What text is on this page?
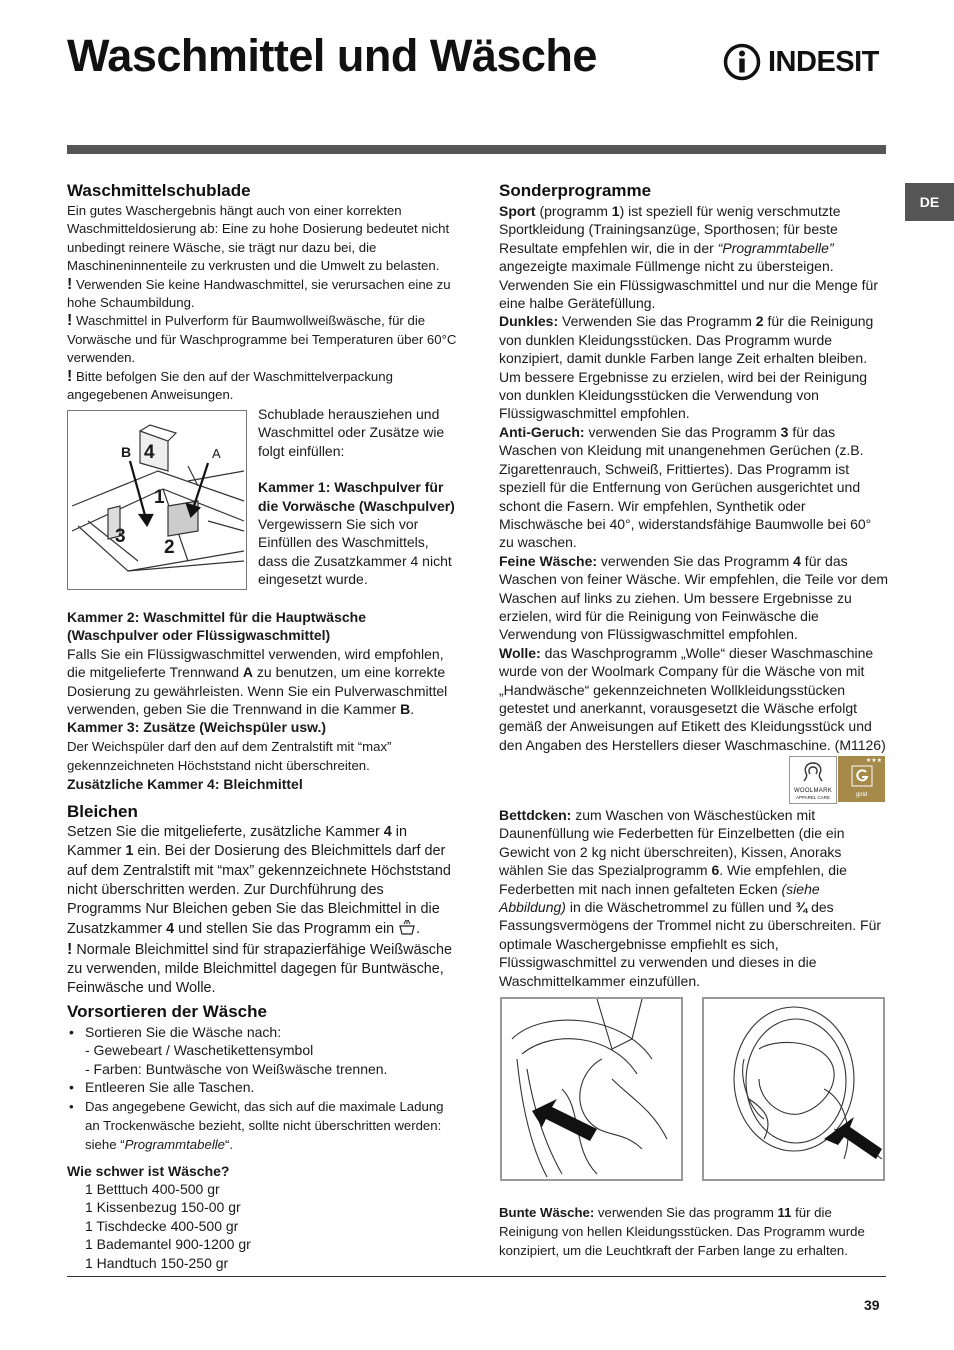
Waschmittel und Wäsche	INDESIT
DE

Waschmittelschublade

Ein gutes Waschergebnis hängt auch von einer korrekten Waschmitteldosierung ab: Eine zu hohe Dosierung bedeutet nicht unbedingt reinere Wäsche, sie trägt nur dazu bei, die Maschineninnenteile zu verkrusten und die Umwelt zu belasten.

! Verwenden Sie keine Handwaschmittel, sie verursachen eine zu hohe Schaumbildung.

! Waschmittel in Pulverform für Baumwollweißwäsche, für die Vorwäsche und für Waschprogramme bei Temperaturen über 60°C verwenden.

! Bitte befolgen Sie den auf der Waschmittelverpackung angegebenen Anweisungen.

B 4	A
1
3
2

Schublade herausziehen und Waschmittel oder Zusätze wie folgt einfüllen:

Kammer 1: Waschpulver für die Vorwäsche (Waschpulver)

Vergewissern Sie sich vor Einfüllen des Waschmittels, dass die Zusatzkammer 4 nicht eingesetzt wurde.

Kammer 2: Waschmittel für die Hauptwäsche (Waschpulver oder Flüssigwaschmittel)

Falls Sie ein Flüssigwaschmittel verwenden, wird empfohlen, die mitgelieferte Trennwand A zu benutzen, um eine korrekte Dosierung zu gewährleisten. Wenn Sie ein Pulverwaschmittel verwenden, geben Sie die Trennwand in die Kammer B.

Kammer 3: Zusätze (Weichspüler usw.)

Der Weichspüler darf den auf dem Zentralstift mit “max” gekennzeichneten Höchststand nicht überschreiten.

Zusätzliche Kammer 4: Bleichmittel

Bleichen

Setzen Sie die mitgelieferte, zusätzliche Kammer 4 in Kammer 1 ein. Bei der Dosierung des Bleichmittels darf der auf dem Zentralstift mit “max” gekennzeichnete Höchststand nicht überschritten werden. Zur Durchführung des Programms Nur Bleichen geben Sie das Bleichmittel in die Zusatzkammer 4 und stellen Sie das Programm ein .

! Normale Bleichmittel sind für strapazierfähige Weißwäsche zu verwenden, milde Bleichmittel dagegen für Buntwäsche, Feinwäsche und Wolle.

Vorsortieren der Wäsche

• Sortieren Sie die Wäsche nach:
- Gewebeart / Waschetikettensymbol
- Farben: Buntwäsche von Weißwäsche trennen.
• Entleeren Sie alle Taschen.
• Das angegebene Gewicht, das sich auf die maximale Ladung an Trockenwäsche bezieht, sollte nicht überschritten werden: siehe “Programmtabelle“.

Wie schwer ist Wäsche?

1 Betttuch 400-500 gr

1 Kissenbezug 150-00 gr

1 Tischdecke 400-500 gr

1 Bademantel 900-1200 gr

1 Handtuch 150-250 gr

Sonderprogramme

Sport (programm 1) ist speziell für wenig verschmutzte Sportkleidung (Trainingsanzüge, Sporthosen; für beste Resultate empfehlen wir, die in der “Programmtabelle” angezeigte maximale Füllmenge nicht zu übersteigen. Verwenden Sie ein Flüssigwaschmittel und nur die Menge für eine halbe Gerätefüllung.

Dunkles: Verwenden Sie das Programm 2 für die Reinigung von dunklen Kleidungsstücken. Das Programm wurde konzipiert, damit dunkle Farben lange Zeit erhalten bleiben. Um bessere Ergebnisse zu erzielen, wird bei der Reinigung von dunklen Kleidungsstücken die Verwendung von Flüssigwaschmittel empfohlen.

Anti-Geruch: verwenden Sie das Programm 3 für das Waschen von Kleidung mit unangenehmen Gerüchen (z.B. Zigarettenrauch, Schweiß, Frittiertes). Das Programm ist speziell für die Entfernung von Gerüchen ausgerichtet und schont die Fasern. Wir empfehlen, Synthetik oder Mischwäsche bei 40°, widerstandsfähige Baumwolle bei 60° zu waschen.

Feine Wäsche: verwenden Sie das Programm 4 für das Waschen von feiner Wäsche. Wir empfehlen, die Teile vor dem Waschen auf links zu ziehen. Um bessere Ergebnisse zu erzielen, wird für die Reinigung von Feinwäsche die Verwendung von Flüssigwaschmittel empfohlen.

Wolle: das Waschprogramm „Wolle“ dieser Waschmaschine wurde von der Woolmark Company für die Wäsche von mit „Handwäsche“ gekennzeichneten Wollkleidungsstücken getestet und anerkannt, vorausgesetzt die Wäsche erfolgt gemäß der Anweisungen auf Etikett des Kleidungsstück und den Angaben des Herstellers dieser Waschmaschine. (M1126)

WOOLMARK
APPAREL CARE
★★★
gold

Bettdcken: zum Waschen von Wäschestücken mit Daunenfüllung wie Federbetten für Einzelbetten (die ein Gewicht von 2 kg nicht überschreiten), Kissen, Anoraks wählen Sie das Spezialprogramm 6. Wie empfehlen, die Federbetten mit nach innen gefalteten Ecken (siehe Abbildung) in die Wäschetrommel zu füllen und ¾ des Fassungsvermögens der Trommel nicht zu überschreiten. Für optimale Waschergebnisse empfiehlt es sich, Flüssigwaschmittel zu verwenden und dieses in die Waschmittelkammer einzufüllen.

Bunte Wäsche: verwenden Sie das programm 11 für die Reinigung von hellen Kleidungsstücken. Das Programm wurde konzipiert, um die Leuchtkraft der Farben lange zu erhalten.

39
